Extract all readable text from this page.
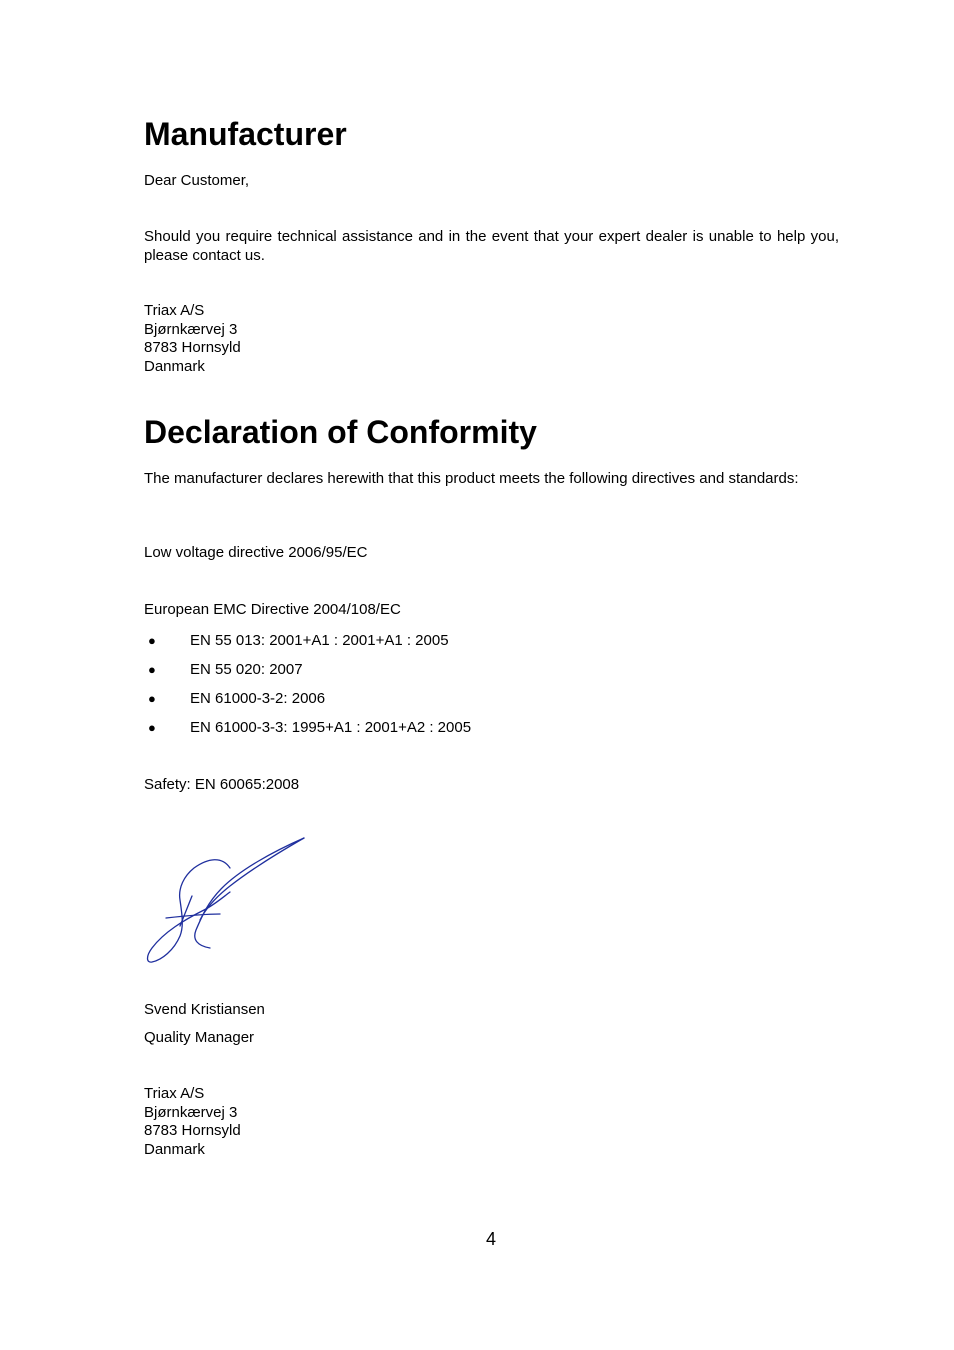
Manufacturer
Dear Customer,
Should you require technical assistance and in the event that your expert dealer is unable to help you, please contact us.
Triax A/S
Bjørnkærvej 3
8783 Hornsyld
Danmark
Declaration of Conformity
The manufacturer declares herewith that this product meets the following directives and standards:
Low voltage directive 2006/95/EC
European EMC Directive 2004/108/EC
● EN 55 013: 2001+A1 : 2001+A1 : 2005
● EN 55 020: 2007
● EN 61000-3-2: 2006
● EN 61000-3-3: 1995+A1 : 2001+A2 : 2005
Safety: EN 60065:2008
Svend Kristiansen
Quality Manager
Triax A/S
Bjørnkærvej 3
8783 Hornsyld
Danmark
4
